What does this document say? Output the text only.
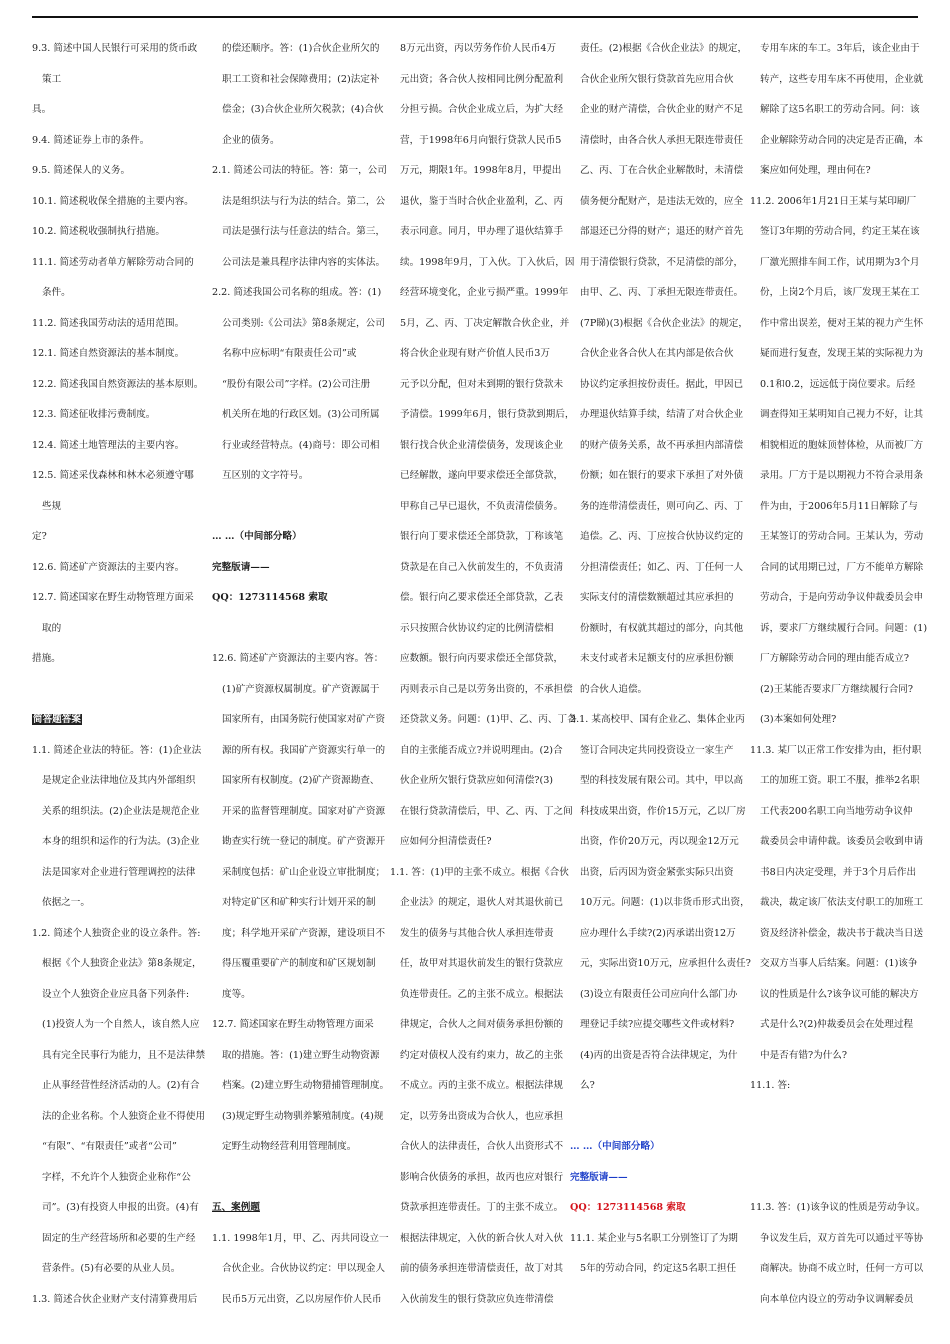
9.3. 简述中国人民银行可采用的货币政

策工

具。

9.4. 简述证券上市的条件。

9.5. 简述保人的义务。

10.1. 简述税收保全措施的主要内容。

10.2. 简述税收强制执行措施。

11.1. 简述劳动者单方解除劳动合同的

条件。

11.2. 简述我国劳动法的适用范围。

12.1. 简述自然资源法的基本制度。

12.2. 简述我国自然资源法的基本原则。

12.3. 简述征收排污费制度。

12.4. 简述土地管理法的主要内容。

12.5. 简述采伐森林和林木必须遵守哪

些规

定?

12.6. 简述矿产资源法的主要内容。

12.7. 简述国家在野生动物管理方面采

取的

措施。

简答题答案

1.1. 简述企业法的特征。答：(1)企业法

是规定企业法律地位及其内外部组织

关系的组织法。(2)企业法是规范企业

本身的组织和运作的行为法。(3)企业

法是国家对企业进行管理调控的法律

依据之一。

1.2. 简述个人独资企业的设立条件。答:

根据《个人独资企业法》第8条规定，

设立个人独资企业应具备下列条件:

(1)投资人为一个自然人，该自然人应

具有完全民事行为能力，且不是法律禁

止从事经营性经济活动的人。(2)有合

法的企业名称。个人独资企业不得使用

“有限”、“有限责任”或者“公司”

字样，不允许个人独资企业称作“公

司”。(3)有投资人申报的出资。(4)有

固定的生产经营场所和必要的生产经

营条件。(5)有必要的从业人员。

1.3. 简述合伙企业财产支付清算费用后

的偿还顺序。答：(1)合伙企业所欠的

职工工资和社会保障费用；(2)法定补

偿金；(3)合伙企业所欠税款；(4)合伙

企业的债务。

2.1. 简述公司法的特征。答：第一，公司

法是组织法与行为法的结合。第二，公

司法是强行法与任意法的结合。第三，

公司法是兼具程序法律内容的实体法。

2.2. 简述我国公司名称的组成。答：(1)

公司类别:《公司法》第8条规定，公司

名称中应标明“有限责任公司”或

“股份有限公司”字样。(2)公司注册

机关所在地的行政区划。(3)公司所属

行业或经营特点。(4)商号：即公司相

互区别的文字符号。

… …（中间部分略）

完整版请——

QQ：1273114568 索取

12.6. 简述矿产资源法的主要内容。答：

(1)矿产资源权属制度。矿产资源属于

国家所有，由国务院行使国家对矿产资

源的所有权。我国矿产资源实行单一的

国家所有权制度。(2)矿产资源勘查、

开采的监督管理制度。国家对矿产资源

勘查实行统一登记的制度。矿产资源开

采制度包括：矿山企业设立审批制度；

对特定矿区和矿种实行计划开采的制

度；科学地开采矿产资源，建设项目不

得压覆重要矿产的制度和矿区规划制

度等。

12.7. 简述国家在野生动物管理方面采

取的措施。答：(1)建立野生动物资源

档案。(2)建立野生动物猎捕管理制度。

(3)规定野生动物驯养繁殖制度。(4)规

定野生动物经营利用管理制度。

五、案例题

1.1. 1998年1月，甲、乙、丙共同设立一

合伙企业。合伙协议约定：甲以现金人

民币5万元出资，乙以房屋作价人民币

8万元出资，丙以劳务作价人民币4万

元出资；各合伙人按相同比例分配盈利

分担亏损。合伙企业成立后，为扩大经

营，于1998年6月向银行贷款人民币5

万元，期限1年。1998年8月，甲提出

退伙，鉴于当时合伙企业盈利，乙、丙

表示同意。同月，甲办理了退伙结算手

续。1998年9月，丁入伙。丁入伙后，因

经营环境变化，企业亏损严重。1999年

5月，乙、丙、丁决定解散合伙企业，并

将合伙企业现有财产价值人民币3万

元予以分配，但对未到期的银行贷款未

予清偿。1999年6月，银行贷款到期后，

银行找合伙企业清偿债务，发现该企业

已经解散，遂向甲要求偿还全部贷款，

甲称自己早已退伙，不负责清偿债务。

银行向丁要求偿还全部贷款，丁称该笔

贷款是在自己入伙前发生的，不负责清

偿。银行向乙要求偿还全部贷款，乙表

示只按照合伙协议约定的比例清偿相

应数额。银行向丙要求偿还全部贷款，

丙则表示自己是以劳务出资的，不承担偿

还贷款义务。问题：(1)甲、乙、丙、丁各

自的主张能否成立?并说明理由。(2)合

伙企业所欠银行贷款应如何清偿?(3)

在银行贷款清偿后，甲、乙、丙、丁之间

应如何分担清偿责任?

1.1. 答：(1)甲的主张不成立。根据《合伙

企业法》的规定，退伙人对其退伙前已

发生的债务与其他合伙人承担连带责

任，故甲对其退伙前发生的银行贷款应

负连带责任。乙的主张不成立。根据法

律规定，合伙人之间对债务承担份额的

约定对债权人没有约束力，故乙的主张

不成立。丙的主张不成立。根据法律规

定，以劳务出资成为合伙人，也应承担

合伙人的法律责任，合伙人出资形式不

影响合伙债务的承担，故丙也应对银行

贷款承担连带责任。丁的主张不成立。

根据法律规定，入伙的新合伙人对入伙

前的债务承担连带清偿责任，故丁对其

入伙前发生的银行贷款应负连带清偿

责任。(2)根据《合伙企业法》的规定，

合伙企业所欠银行贷款首先应用合伙

企业的财产清偿，合伙企业的财产不足

清偿时，由各合伙人承担无限连带责任

乙、丙、丁在合伙企业解散时，未清偿

债务便分配财产，是违法无效的，应全

部退还已分得的财产；退还的财产首先

用于清偿银行贷款，不足清偿的部分，

由甲、乙、丙、丁承担无限连带责任。

(7P睇)(3)根据《合伙企业法》的规定，

合伙企业各合伙人在其内部是依合伙

协议约定承担按份责任。据此，甲因已

办理退伙结算手续，结清了对合伙企业

的财产债务关系，故不再承担内部清偿

份额；如在银行的要求下承担了对外债

务的连带清偿责任，则可向乙、丙、丁

追偿。乙、丙、丁应按合伙协议约定的

分担清偿责任；如乙、丙、丁任何一人

实际支付的清偿数额超过其应承担的

份额时，有权就其超过的部分，向其他

未支付或者未足额支付的应承担份额

的合伙人追偿。

2.1. 某高校甲、国有企业乙、集体企业丙

签订合同决定共同投资设立一家生产

型的科技发展有限公司。其中，甲以高

科技成果出资，作价15万元，乙以厂房

出资，作价20万元，丙以现金12万元

出资，后丙因为资金紧张实际只出资

10万元。问题：(1)以非货币形式出资，

应办理什么手续?(2)丙承诺出资12万

元，实际出资10万元，应承担什么责任?

(3)设立有限责任公司应向什么部门办

理登记手续?应提交哪些文件或材料?

(4)丙的出资是否符合法律规定，为什

么?

… …（中间部分略）

完整版请——

QQ：1273114568 索取

11.1. 某企业与5名职工分别签订了为期

5年的劳动合同，约定这5名职工担任

专用车床的车工。3年后，该企业由于

转产，这些专用车床不再使用，企业就

解除了这5名职工的劳动合同。问：该

企业解除劳动合同的决定是否正确，本

案应如何处理，理由何在?

11.2. 2006年1月21日王某与某印刷厂

签订3年期的劳动合同，约定王某在该

厂激光照排车间工作，试用期为3个月

份，上岗2个月后，该厂发现王某在工

作中常出误差，便对王某的视力产生怀

疑而进行复查，发现王某的实际视力为

0.1和0.2，远远低于岗位要求。后经

调查得知王某明知自己视力不好，让其

相貌相近的胞妹顶替体检，从而被厂方

录用。厂方于是以期视力不符合录用条

件为由，于2006年5月11日解除了与

王某签订的劳动合同。王某认为，劳动

合同的试用期已过，厂方不能单方解除

劳动合，于是向劳动争议仲裁委员会申

诉，要求厂方继续履行合同。问题：(1)

厂方解除劳动合同的理由能否成立?

(2)王某能否要求厂方继续履行合同?

(3)本案如何处理?

11.3. 某厂以正常工作安排为由，拒付职

工的加班工资。职工不服，推举2名职

工代表200名职工向当地劳动争议仲

裁委员会申请仲裁。该委员会收到申请

书8日内决定受理，并于3个月后作出

裁决，裁定该厂依法支付职工的加班工

资及经济补偿金，裁决书于裁决当日送

交双方当事人后结案。问题：(1)该争

议的性质是什么?该争议可能的解决方

式是什么?(2)仲裁委员会在处理过程

中是否有错?为什么?

11.1. 答:

11.3. 答：(1)该争议的性质是劳动争议。

争议发生后，双方首先可以通过平等协

商解决。协商不成立时，任何一方可以

向本单位内设立的劳动争议调解委员
